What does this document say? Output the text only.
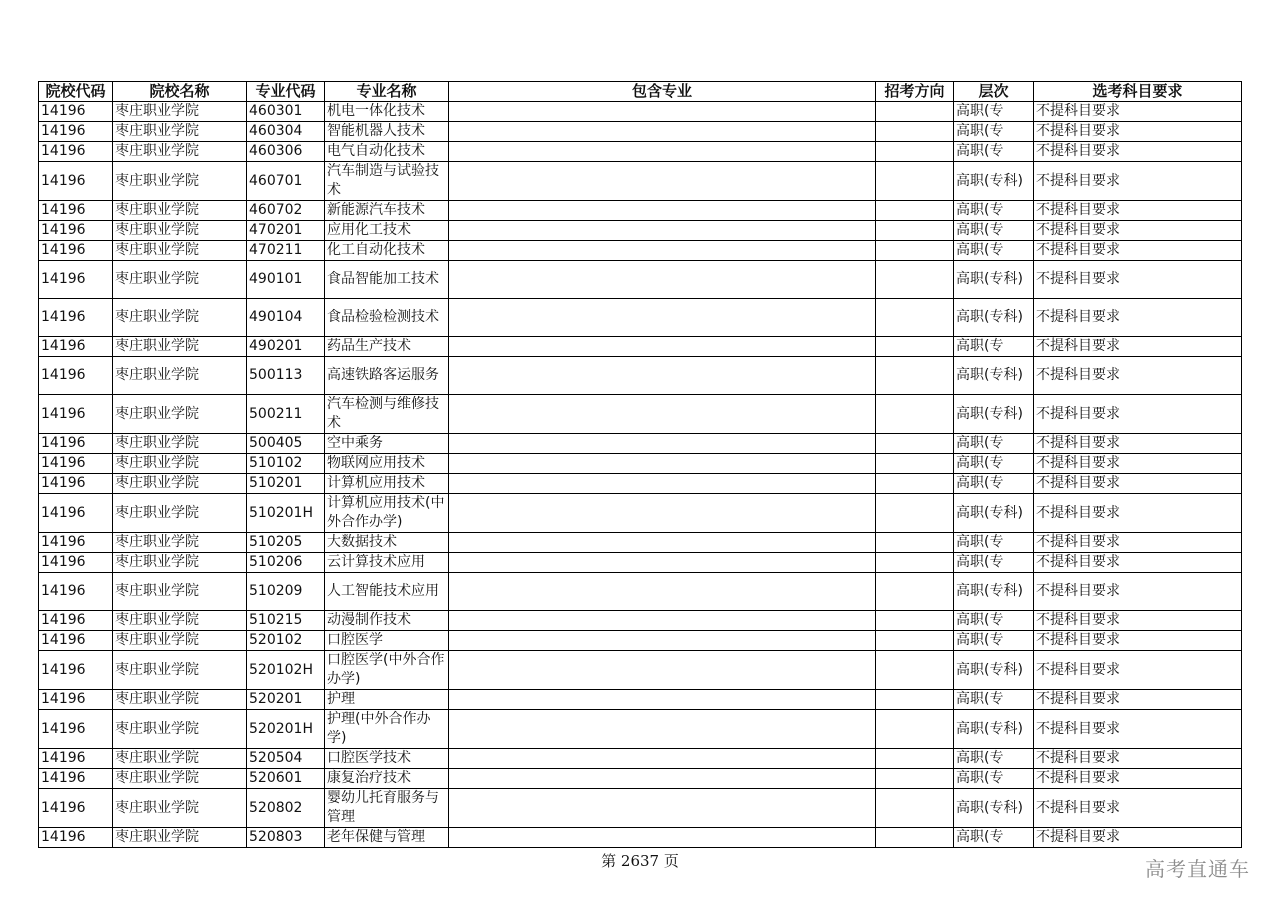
院校代码	院校名称	专业代码	专业名称	包含专业	招考方向	层次	选考科目要求
14196	枣庄职业学院	460301	机电一体化技术			高职(专	不提科目要求
14196	枣庄职业学院	460304	智能机器人技术			高职(专	不提科目要求
14196	枣庄职业学院	460306	电气自动化技术			高职(专	不提科目要求
14196	枣庄职业学院	460701	汽车制造与试验技术			高职(专科)	不提科目要求
14196	枣庄职业学院	460702	新能源汽车技术			高职(专	不提科目要求
14196	枣庄职业学院	470201	应用化工技术			高职(专	不提科目要求
14196	枣庄职业学院	470211	化工自动化技术			高职(专	不提科目要求
14196	枣庄职业学院	490101	食品智能加工技术			高职(专科)	不提科目要求
14196	枣庄职业学院	490104	食品检验检测技术			高职(专科)	不提科目要求
14196	枣庄职业学院	490201	药品生产技术			高职(专	不提科目要求
14196	枣庄职业学院	500113	高速铁路客运服务			高职(专科)	不提科目要求
14196	枣庄职业学院	500211	汽车检测与维修技术			高职(专科)	不提科目要求
14196	枣庄职业学院	500405	空中乘务			高职(专	不提科目要求
14196	枣庄职业学院	510102	物联网应用技术			高职(专	不提科目要求
14196	枣庄职业学院	510201	计算机应用技术			高职(专	不提科目要求
14196	枣庄职业学院	510201H	计算机应用技术(中外合作办学)			高职(专科)	不提科目要求
14196	枣庄职业学院	510205	大数据技术			高职(专	不提科目要求
14196	枣庄职业学院	510206	云计算技术应用			高职(专	不提科目要求
14196	枣庄职业学院	510209	人工智能技术应用			高职(专科)	不提科目要求
14196	枣庄职业学院	510215	动漫制作技术			高职(专	不提科目要求
14196	枣庄职业学院	520102	口腔医学			高职(专	不提科目要求
14196	枣庄职业学院	520102H	口腔医学(中外合作办学)			高职(专科)	不提科目要求
14196	枣庄职业学院	520201	护理			高职(专	不提科目要求
14196	枣庄职业学院	520201H	护理(中外合作办学)			高职(专科)	不提科目要求
14196	枣庄职业学院	520504	口腔医学技术			高职(专	不提科目要求
14196	枣庄职业学院	520601	康复治疗技术			高职(专	不提科目要求
14196	枣庄职业学院	520802	婴幼儿托育服务与管理			高职(专科)	不提科目要求
14196	枣庄职业学院	520803	老年保健与管理			高职(专	不提科目要求
第 2637 页	高考直通车
